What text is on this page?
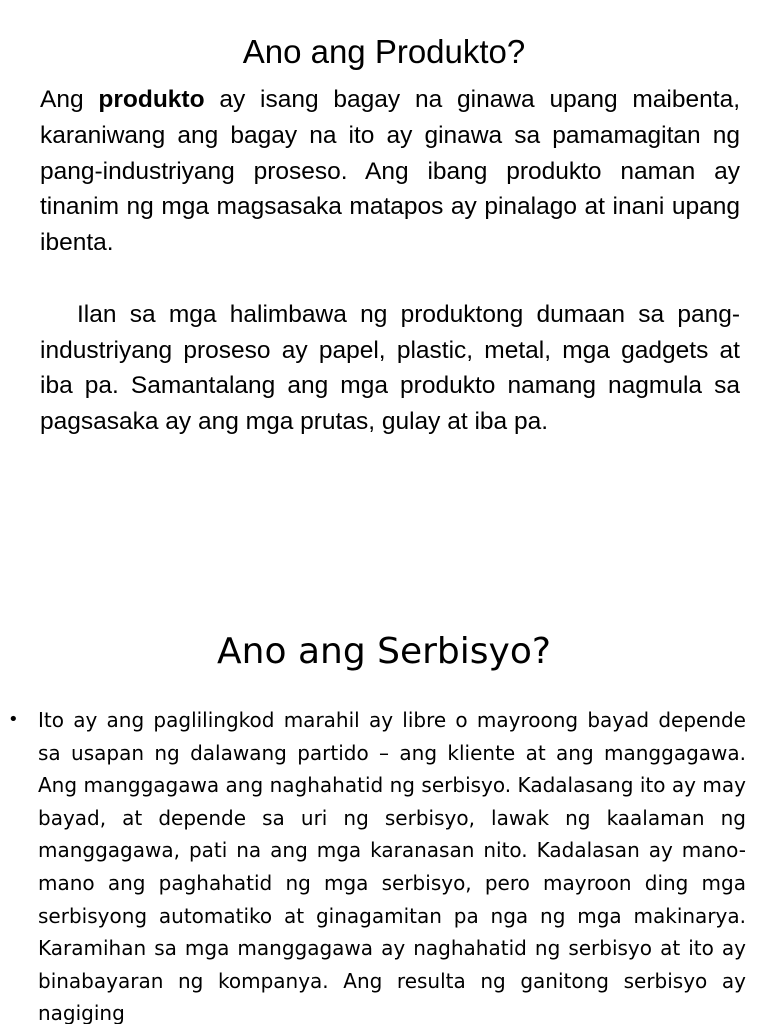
Ano ang Produkto?

Ang produkto ay isang bagay na ginawa upang maibenta, karaniwang ang bagay na ito ay ginawa sa pamamagitan ng pang-industriyang proseso. Ang ibang produkto naman ay tinanim ng mga magsasaka matapos ay pinalago at inani upang ibenta.

Ilan sa mga halimbawa ng produktong dumaan sa pang-industriyang proseso ay papel, plastic, metal, mga gadgets at iba pa. Samantalang ang mga produkto namang nagmula sa pagsasaka ay ang mga prutas, gulay at iba pa.

Ano ang Serbisyo?
• Ito ay ang paglilingkod marahil ay libre o mayroong bayad depende sa usapan ng dalawang partido – ang kliente at ang manggagawa. Ang manggagawa ang naghahatid ng serbisyo. Kadalasang ito ay may bayad, at depende sa uri ng serbisyo, lawak ng kaalaman ng manggagawa, pati na ang mga karanasan nito. Kadalasan ay mano-mano ang paghahatid ng mga serbisyo, pero mayroon ding mga serbisyong automatiko at ginagamitan pa nga ng mga makinarya. Karamihan sa mga manggagawa ay naghahatid ng serbisyo at ito ay binabayaran ng kompanya. Ang resulta ng ganitong serbisyo ay nagiging
